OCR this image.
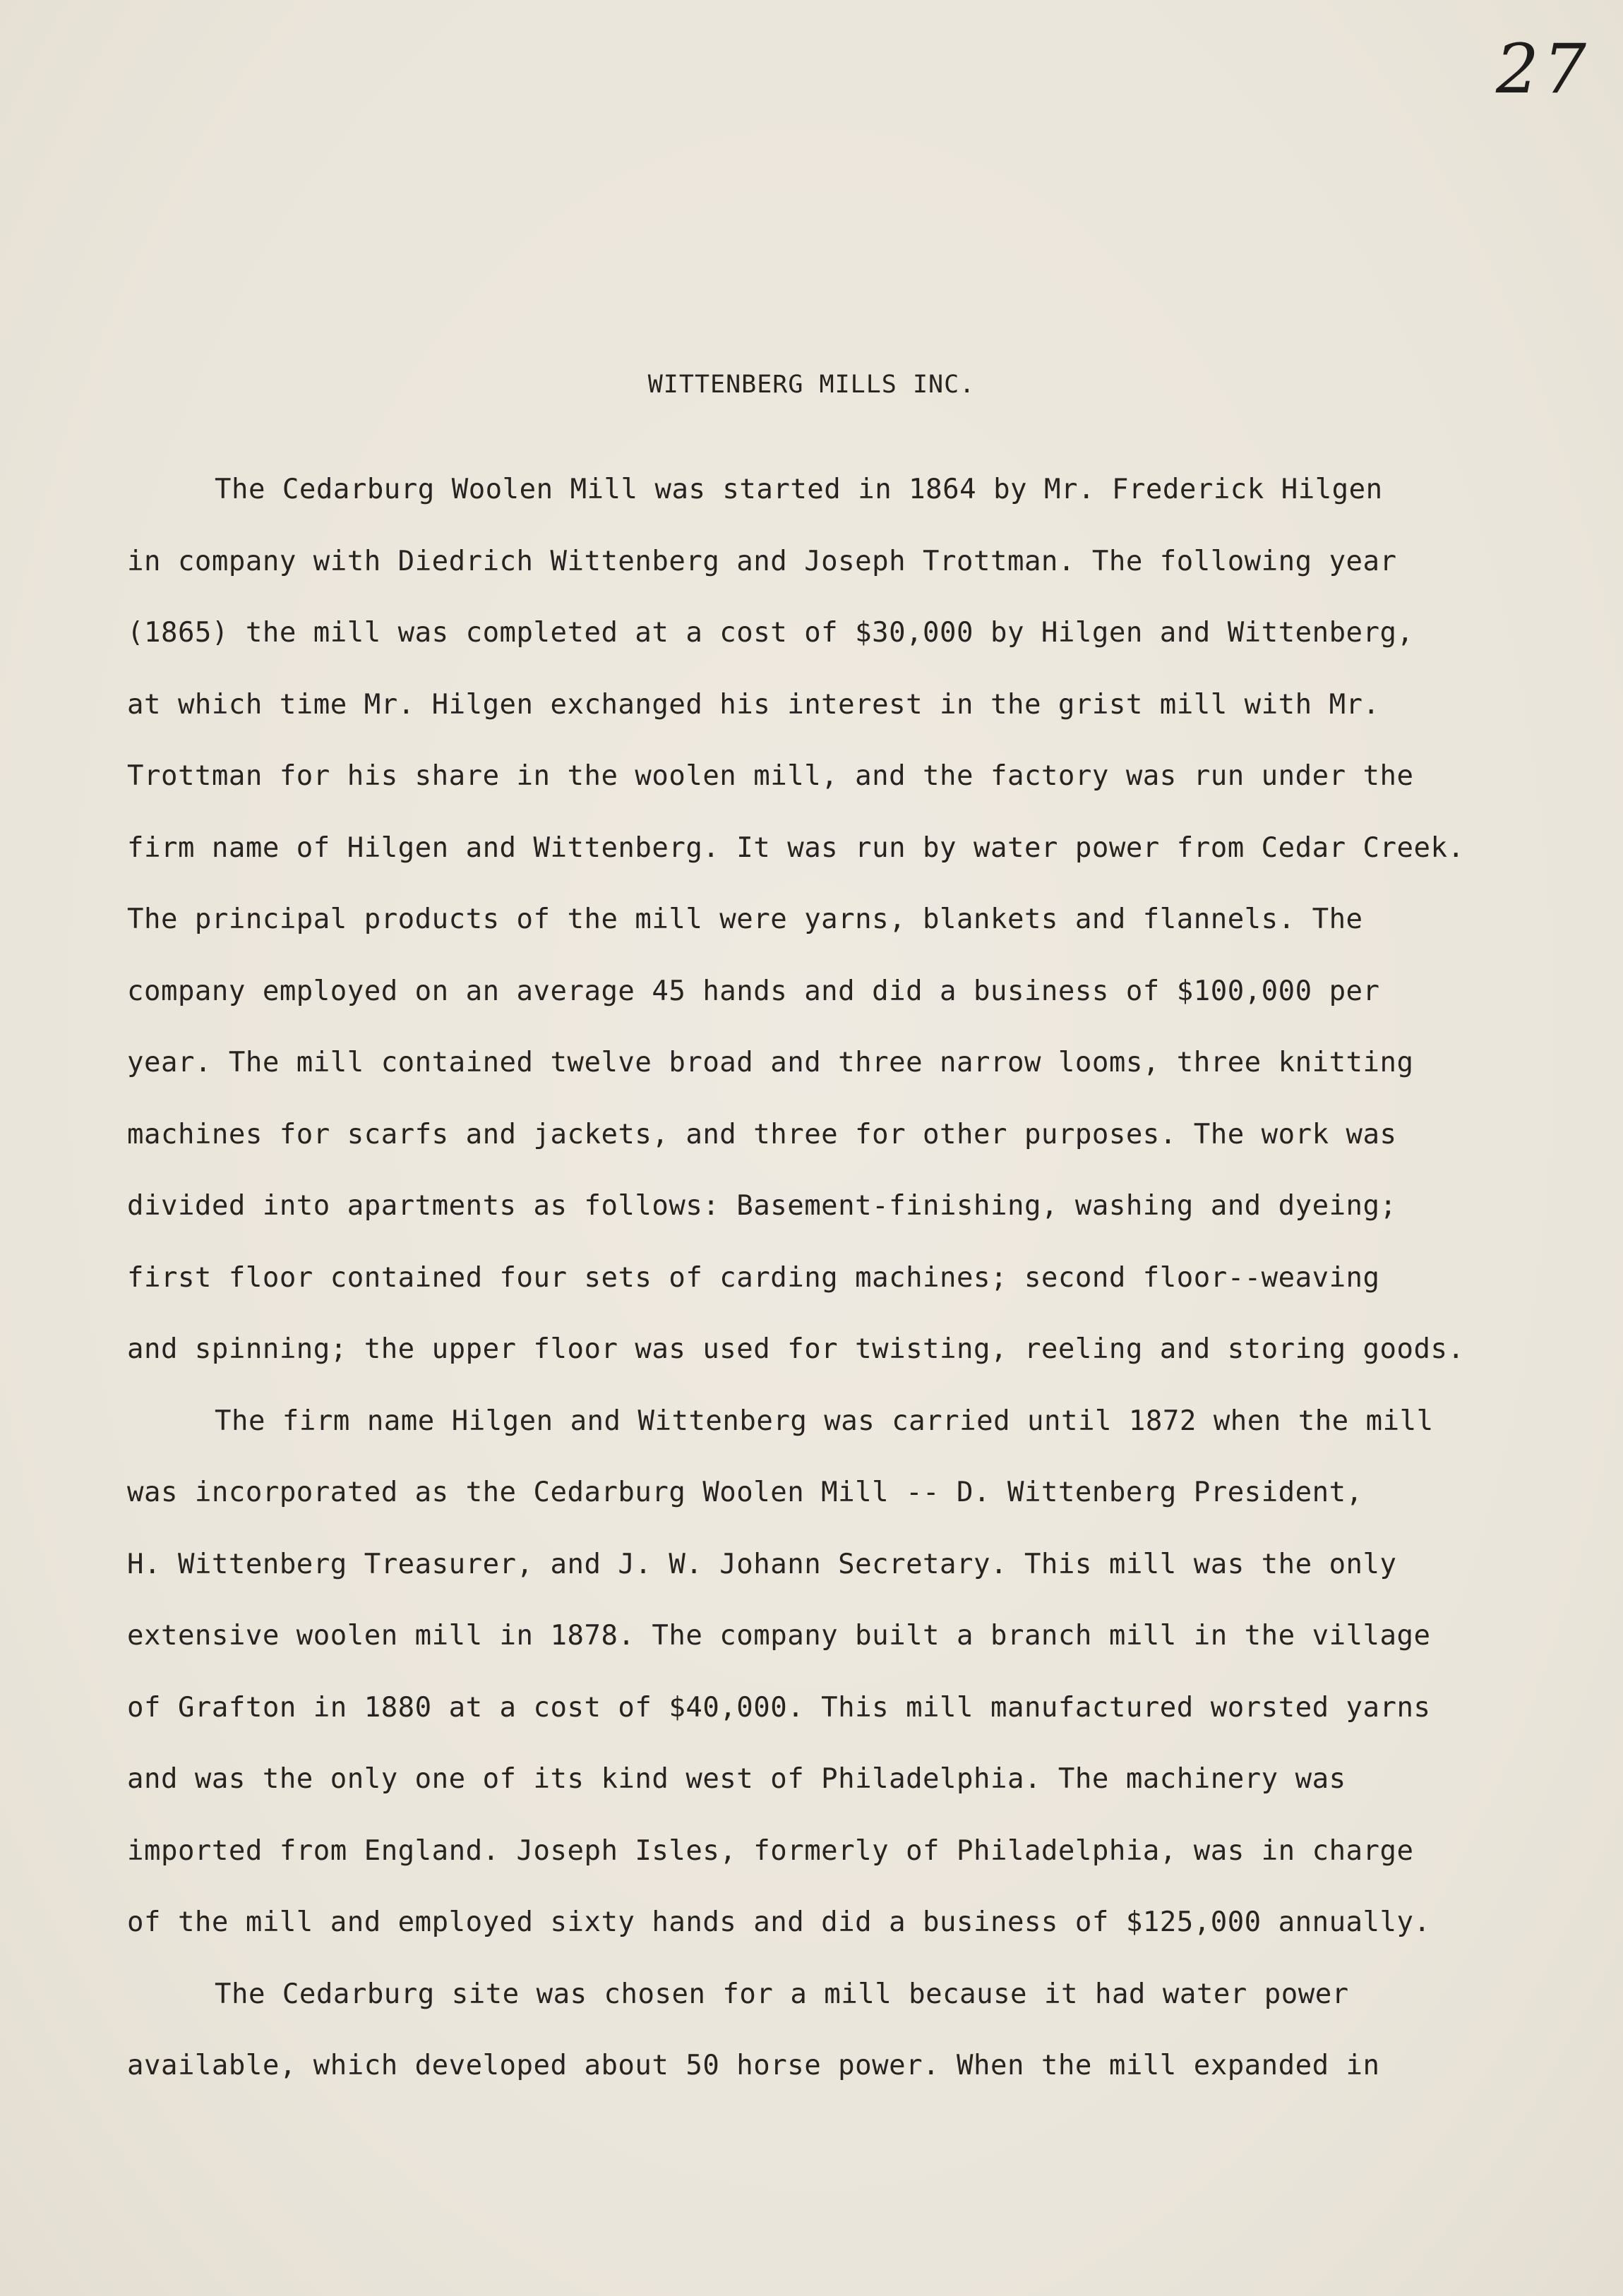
27
WITTENBERG MILLS INC.
The Cedarburg Woolen Mill was started in 1864 by Mr. Frederick Hilgen
in company with Diedrich Wittenberg and Joseph Trottman. The following year
(1865) the mill was completed at a cost of $30,000 by Hilgen and Wittenberg,
at which time Mr. Hilgen exchanged his interest in the grist mill with Mr.
Trottman for his share in the woolen mill, and the factory was run under the
firm name of Hilgen and Wittenberg. It was run by water power from Cedar Creek.
The principal products of the mill were yarns, blankets and flannels. The
company employed on an average 45 hands and did a business of $100,000 per
year. The mill contained twelve broad and three narrow looms, three knitting
machines for scarfs and jackets, and three for other purposes. The work was
divided into apartments as follows: Basement-finishing, washing and dyeing;
first floor contained four sets of carding machines; second floor--weaving
and spinning; the upper floor was used for twisting, reeling and storing goods.
The firm name Hilgen and Wittenberg was carried until 1872 when the mill
was incorporated as the Cedarburg Woolen Mill -- D. Wittenberg President,
H. Wittenberg Treasurer, and J. W. Johann Secretary. This mill was the only
extensive woolen mill in 1878. The company built a branch mill in the village
of Grafton in 1880 at a cost of $40,000. This mill manufactured worsted yarns
and was the only one of its kind west of Philadelphia. The machinery was
imported from England. Joseph Isles, formerly of Philadelphia, was in charge
of the mill and employed sixty hands and did a business of $125,000 annually.
The Cedarburg site was chosen for a mill because it had water power
available, which developed about 50 horse power. When the mill expanded in
